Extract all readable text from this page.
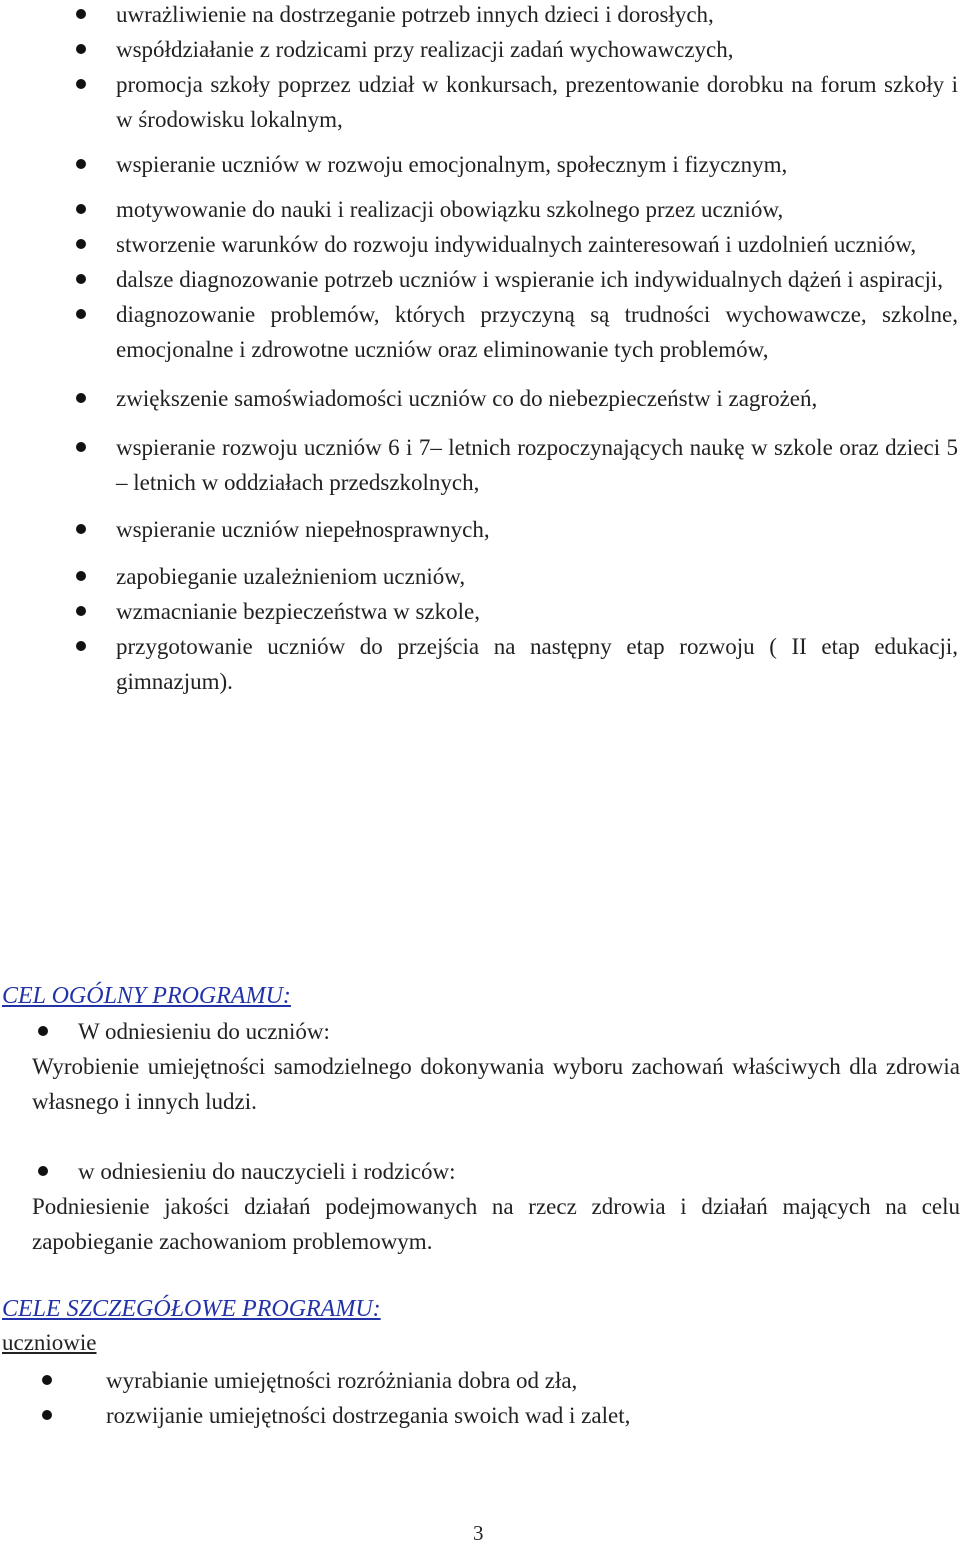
uwrażliwienie na dostrzeganie potrzeb innych dzieci i dorosłych,
współdziałanie z rodzicami przy realizacji zadań wychowawczych,
promocja szkoły poprzez udział w konkursach, prezentowanie dorobku na forum szkoły i w środowisku lokalnym,
wspieranie uczniów w rozwoju emocjonalnym, społecznym i fizycznym,
motywowanie do nauki i realizacji obowiązku szkolnego przez uczniów,
stworzenie warunków do rozwoju indywidualnych zainteresowań i uzdolnień uczniów,
dalsze diagnozowanie potrzeb uczniów i wspieranie ich indywidualnych dążeń i aspiracji,
diagnozowanie problemów, których przyczyną są trudności wychowawcze, szkolne, emocjonalne i zdrowotne uczniów oraz eliminowanie tych problemów,
zwiększenie samoświadomości uczniów co do niebezpieczeństw i zagrożeń,
wspieranie rozwoju uczniów 6 i 7– letnich rozpoczynających naukę w szkole oraz dzieci 5 – letnich w oddziałach przedszkolnych,
wspieranie uczniów niepełnosprawnych,
zapobieganie uzależnieniom uczniów,
wzmacnianie bezpieczeństwa w szkole,
przygotowanie uczniów do przejścia na następny etap rozwoju ( II etap edukacji, gimnazjum).
CEL OGÓLNY PROGRAMU:
W odniesieniu do uczniów:
Wyrobienie umiejętności samodzielnego dokonywania wyboru zachowań właściwych dla zdrowia własnego i innych ludzi.
w odniesieniu do nauczycieli i rodziców:
Podniesienie jakości działań podejmowanych na rzecz zdrowia i działań mających na celu zapobieganie zachowaniom problemowym.
CELE SZCZEGÓŁOWE PROGRAMU:
uczniowie
wyrabianie umiejętności rozróżniania dobra od zła,
rozwijanie umiejętności dostrzegania swoich wad i zalet,
3
